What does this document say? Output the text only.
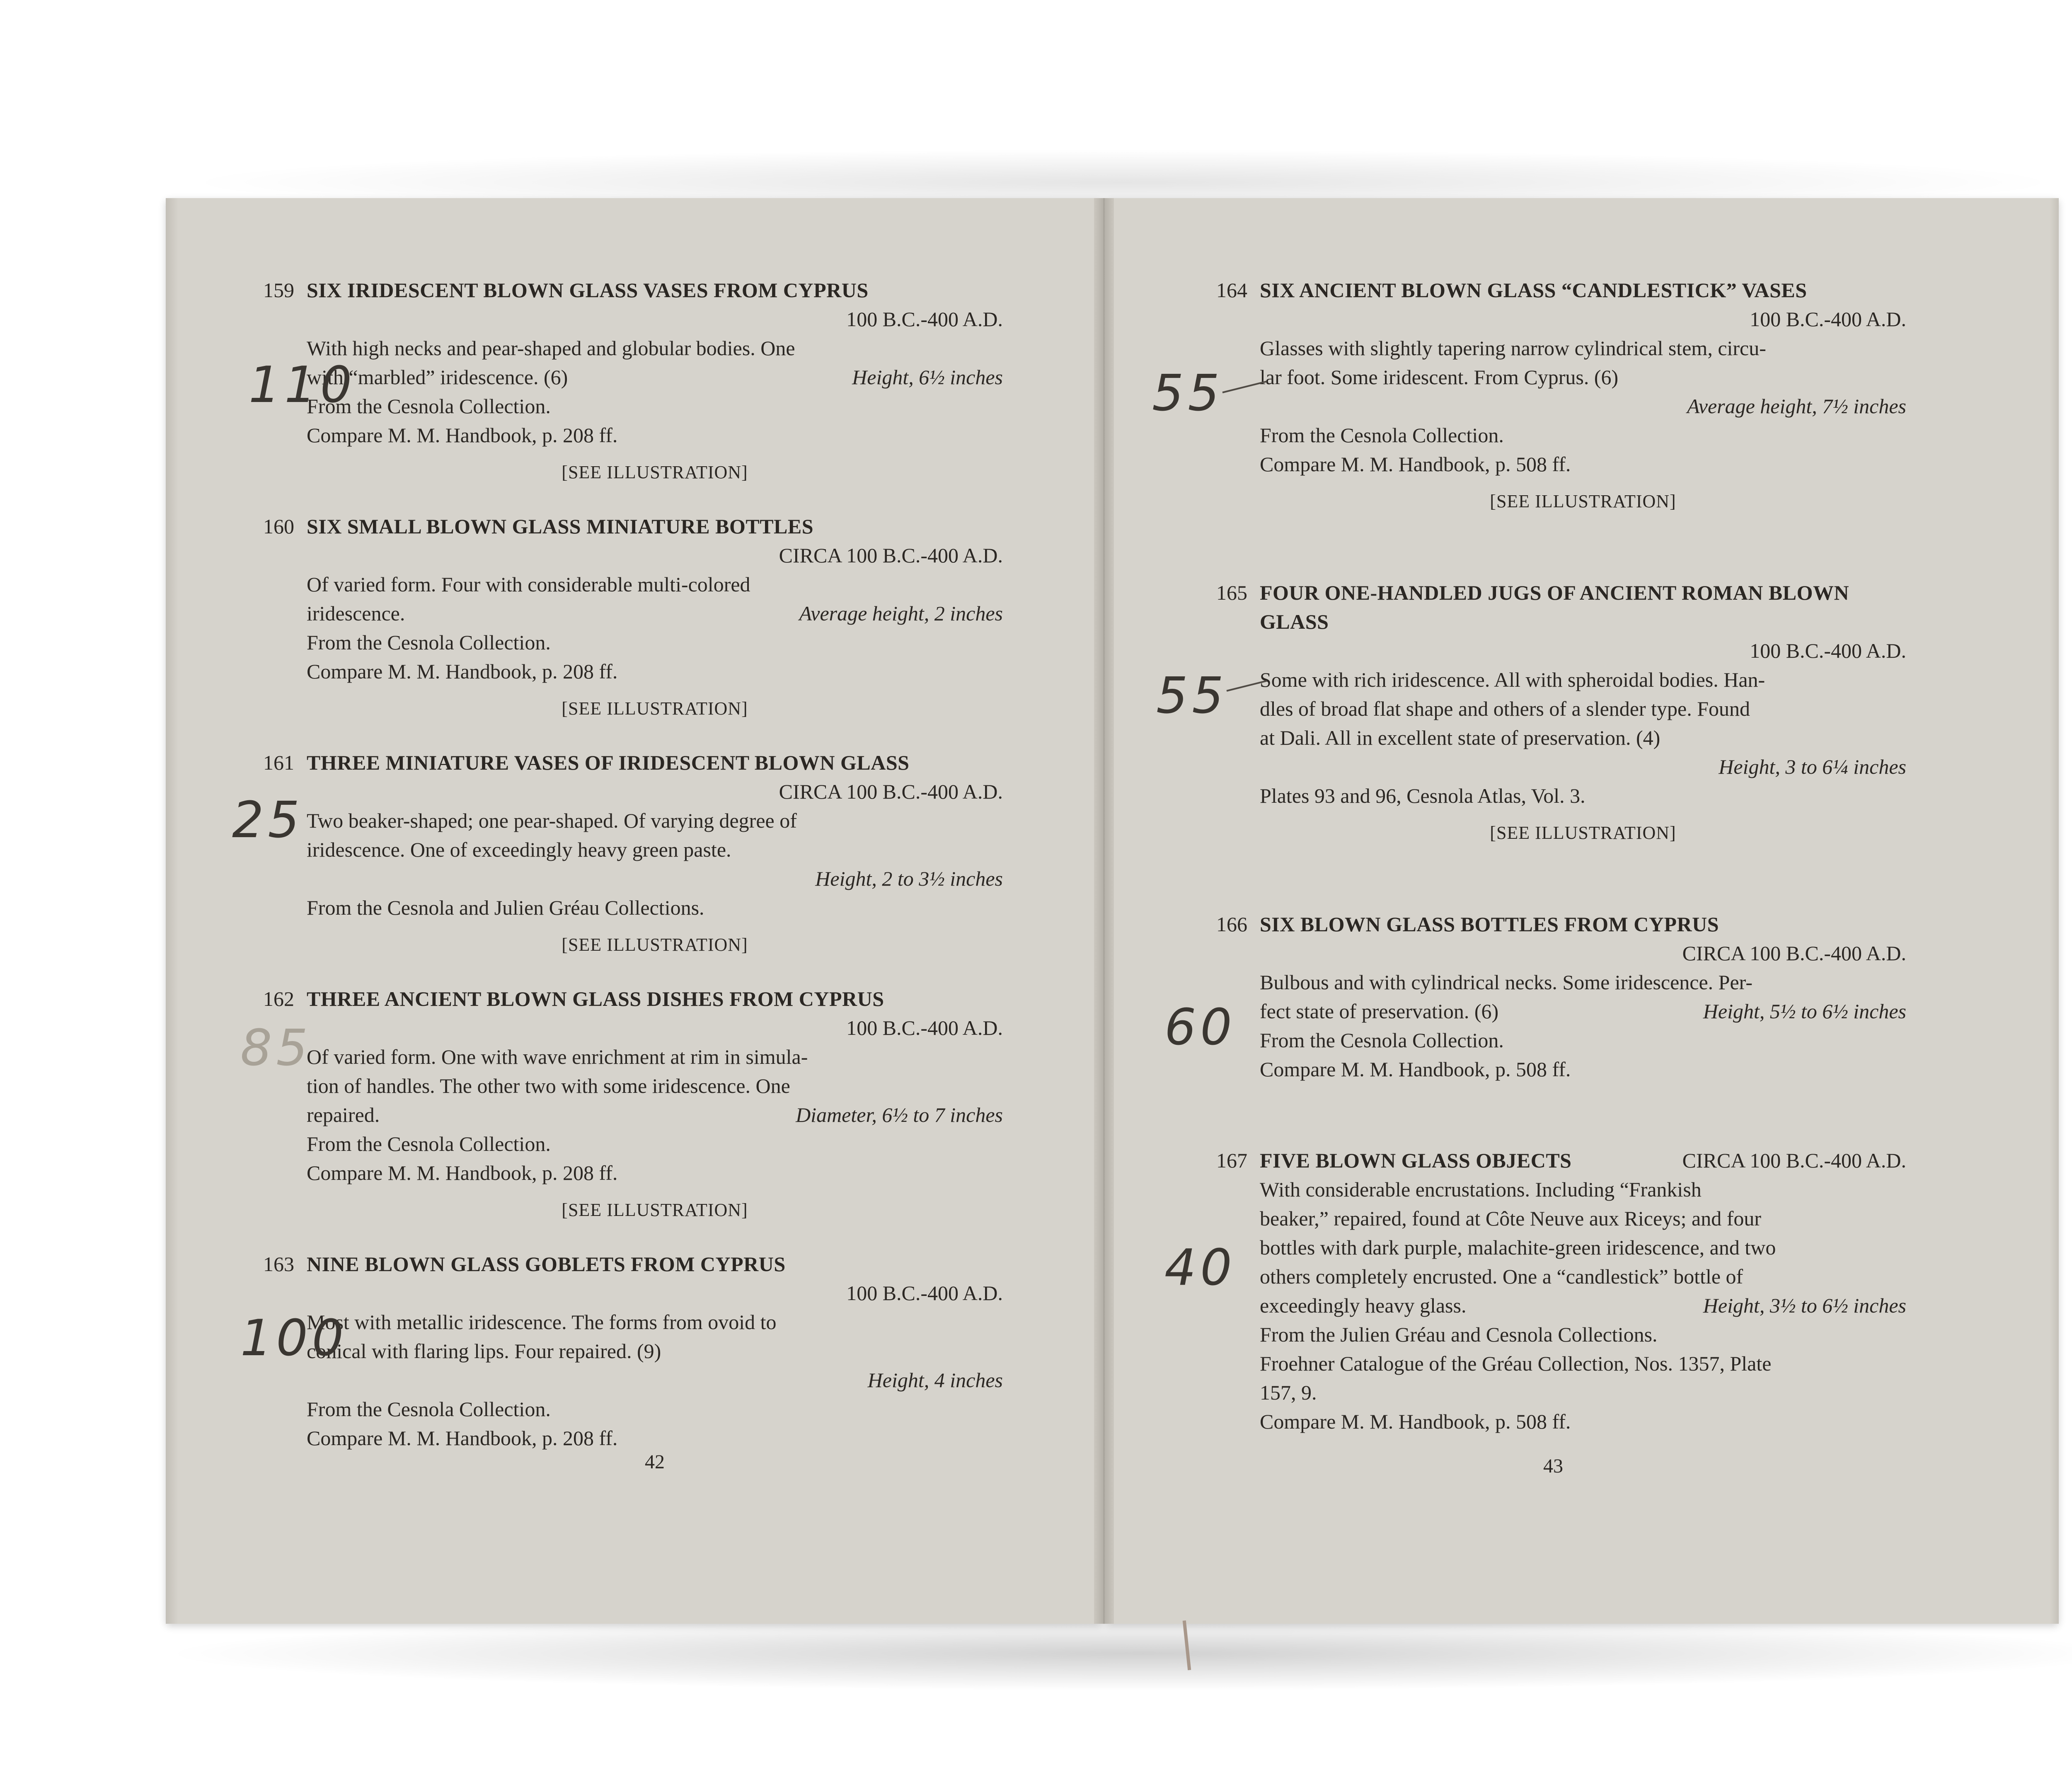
159 SIX IRIDESCENT BLOWN GLASS VASES FROM CYPRUS
100 B.C.-400 A.D.
With high necks and pear-shaped and globular bodies. One
with “marbled” iridescence. (6)	Height, 6½ inches
From the Cesnola Collection.
Compare M. M. Handbook, p. 208 ff.
[SEE ILLUSTRATION]
160 SIX SMALL BLOWN GLASS MINIATURE BOTTLES
CIRCA 100 B.C.-400 A.D.
Of varied form. Four with considerable multi-colored
iridescence.	Average height, 2 inches
From the Cesnola Collection.
Compare M. M. Handbook, p. 208 ff.
[SEE ILLUSTRATION]
161 THREE MINIATURE VASES OF IRIDESCENT BLOWN GLASS
CIRCA 100 B.C.-400 A.D.
Two beaker-shaped; one pear-shaped. Of varying degree of
iridescence. One of exceedingly heavy green paste.
Height, 2 to 3½ inches
From the Cesnola and Julien Gréau Collections.
[SEE ILLUSTRATION]
162 THREE ANCIENT BLOWN GLASS DISHES FROM CYPRUS
100 B.C.-400 A.D.
Of varied form. One with wave enrichment at rim in simula-
tion of handles. The other two with some iridescence. One
repaired.	Diameter, 6½ to 7 inches
From the Cesnola Collection.
Compare M. M. Handbook, p. 208 ff.
[SEE ILLUSTRATION]
163 NINE BLOWN GLASS GOBLETS FROM CYPRUS
100 B.C.-400 A.D.
Most with metallic iridescence. The forms from ovoid to
conical with flaring lips. Four repaired. (9)
Height, 4 inches
From the Cesnola Collection.
Compare M. M. Handbook, p. 208 ff.
42
164 SIX ANCIENT BLOWN GLASS “CANDLESTICK” VASES
100 B.C.-400 A.D.
Glasses with slightly tapering narrow cylindrical stem, circu-
lar foot. Some iridescent. From Cyprus. (6)
Average height, 7½ inches
From the Cesnola Collection.
Compare M. M. Handbook, p. 508 ff.
[SEE ILLUSTRATION]
165 FOUR ONE-HANDLED JUGS OF ANCIENT ROMAN BLOWN GLASS
100 B.C.-400 A.D.
Some with rich iridescence. All with spheroidal bodies. Han-
dles of broad flat shape and others of a slender type. Found
at Dali. All in excellent state of preservation. (4)
Height, 3 to 6¼ inches
Plates 93 and 96, Cesnola Atlas, Vol. 3.
[SEE ILLUSTRATION]
166 SIX BLOWN GLASS BOTTLES FROM CYPRUS
CIRCA 100 B.C.-400 A.D.
Bulbous and with cylindrical necks. Some iridescence. Per-
fect state of preservation. (6)	Height, 5½ to 6½ inches
From the Cesnola Collection.
Compare M. M. Handbook, p. 508 ff.
167 FIVE BLOWN GLASS OBJECTS	CIRCA 100 B.C.-400 A.D.
With considerable encrustations. Including “Frankish
beaker,” repaired, found at Côte Neuve aux Riceys; and four
bottles with dark purple, malachite-green iridescence, and two
others completely encrusted. One a “candlestick” bottle of
exceedingly heavy glass.	Height, 3½ to 6½ inches
From the Julien Gréau and Cesnola Collections.
Froehner Catalogue of the Gréau Collection, Nos. 1357, Plate
157, 9.
Compare M. M. Handbook, p. 508 ff.
43
110
25
85
100
55
55
60
40
